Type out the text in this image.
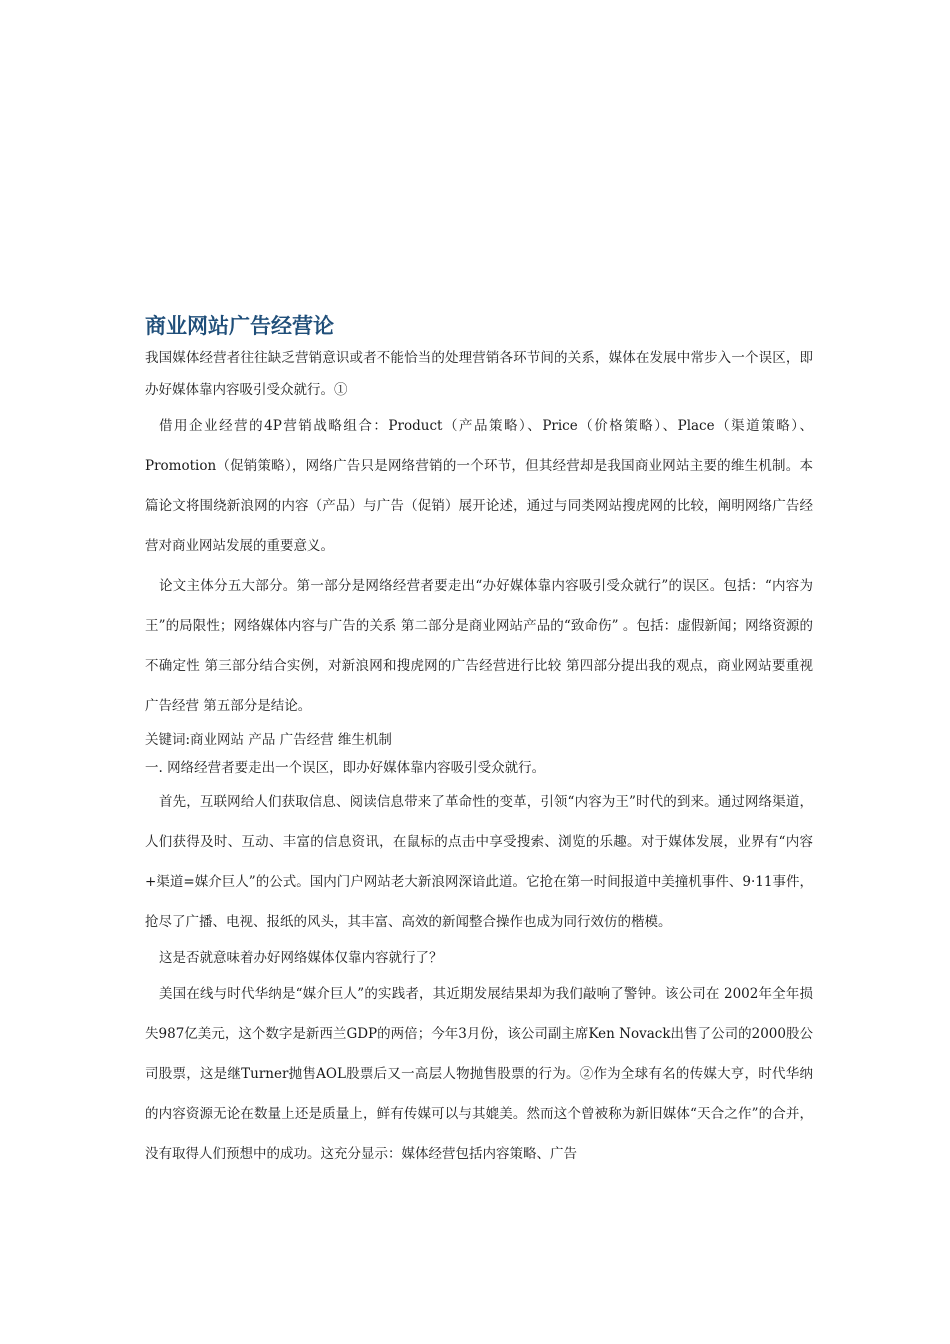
商业网站广告经营论

我国媒体经营者往往缺乏营销意识或者不能恰当的处理营销各环节间的关系，媒体在发展中常步入一个误区，即办好媒体靠内容吸引受众就行。①

借用企业经营的4P营销战略组合：Product（产品策略）、Price（价格策略）、Place（渠道策略）、Promotion（促销策略），网络广告只是网络营销的一个环节，但其经营却是我国商业网站主要的维生机制。本篇论文将围绕新浪网的内容（产品）与广告（促销）展开论述，通过与同类网站搜虎网的比较，阐明网络广告经营对商业网站发展的重要意义。

论文主体分五大部分。第一部分是网络经营者要走出“办好媒体靠内容吸引受众就行”的误区。包括：“内容为王”的局限性；网络媒体内容与广告的关系 第二部分是商业网站产品的“致命伤” 。包括：虚假新闻；网络资源的不确定性 第三部分结合实例，对新浪网和搜虎网的广告经营进行比较 第四部分提出我的观点，商业网站要重视广告经营 第五部分是结论。

关键词:商业网站 产品 广告经营 维生机制

一. 网络经营者要走出一个误区，即办好媒体靠内容吸引受众就行。

首先，互联网给人们获取信息、阅读信息带来了革命性的变革，引领“内容为王”时代的到来。通过网络渠道，人们获得及时、互动、丰富的信息资讯，在鼠标的点击中享受搜索、浏览的乐趣。对于媒体发展，业界有“内容+渠道=媒介巨人”的公式。国内门户网站老大新浪网深谙此道。它抢在第一时间报道中美撞机事件、9·11事件，抢尽了广播、电视、报纸的风头，其丰富、高效的新闻整合操作也成为同行效仿的楷模。

这是否就意味着办好网络媒体仅靠内容就行了？

美国在线与时代华纳是“媒介巨人”的实践者，其近期发展结果却为我们敲响了警钟。该公司在 2002年全年损失987亿美元，这个数字是新西兰GDP的两倍；今年3月份，该公司副主席Ken Novack出售了公司的2000股公司股票，这是继Turner抛售AOL股票后又一高层人物抛售股票的行为。②作为全球有名的传媒大亨，时代华纳的内容资源无论在数量上还是质量上，鲜有传媒可以与其媲美。然而这个曾被称为新旧媒体“天合之作”的合并，没有取得人们预想中的成功。这充分显示：媒体经营包括内容策略、广告
